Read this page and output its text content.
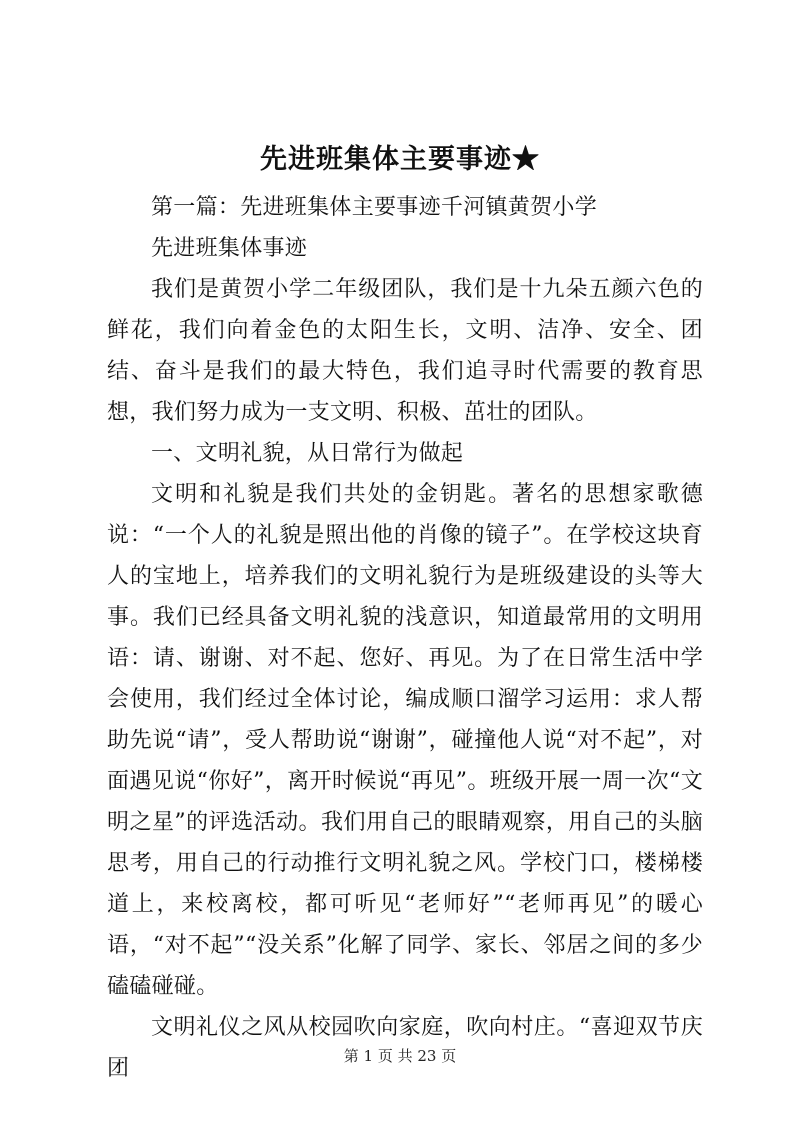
先进班集体主要事迹★

第一篇：先进班集体主要事迹千河镇黄贺小学

先进班集体事迹

我们是黄贺小学二年级团队，我们是十九朵五颜六色的鲜花，我们向着金色的太阳生长，文明、洁净、安全、团结、奋斗是我们的最大特色，我们追寻时代需要的教育思想，我们努力成为一支文明、积极、茁壮的团队。

一、文明礼貌，从日常行为做起

文明和礼貌是我们共处的金钥匙。著名的思想家歌德说：“一个人的礼貌是照出他的肖像的镜子”。在学校这块育人的宝地上，培养我们的文明礼貌行为是班级建设的头等大事。我们已经具备文明礼貌的浅意识，知道最常用的文明用语：请、谢谢、对不起、您好、再见。为了在日常生活中学会使用，我们经过全体讨论，编成顺口溜学习运用：求人帮助先说“请”，受人帮助说“谢谢”，碰撞他人说“对不起”，对面遇见说“你好”，离开时候说“再见”。班级开展一周一次“文明之星”的评选活动。我们用自己的眼睛观察，用自己的头脑思考，用自己的行动推行文明礼貌之风。学校门口，楼梯楼道上，来校离校，都可听见“老师好”“老师再见”的暖心语，“对不起”“没关系”化解了同学、家长、邻居之间的多少磕磕碰碰。

文明礼仪之风从校园吹向家庭，吹向村庄。“喜迎双节庆团	第 1 页 共 23 页
